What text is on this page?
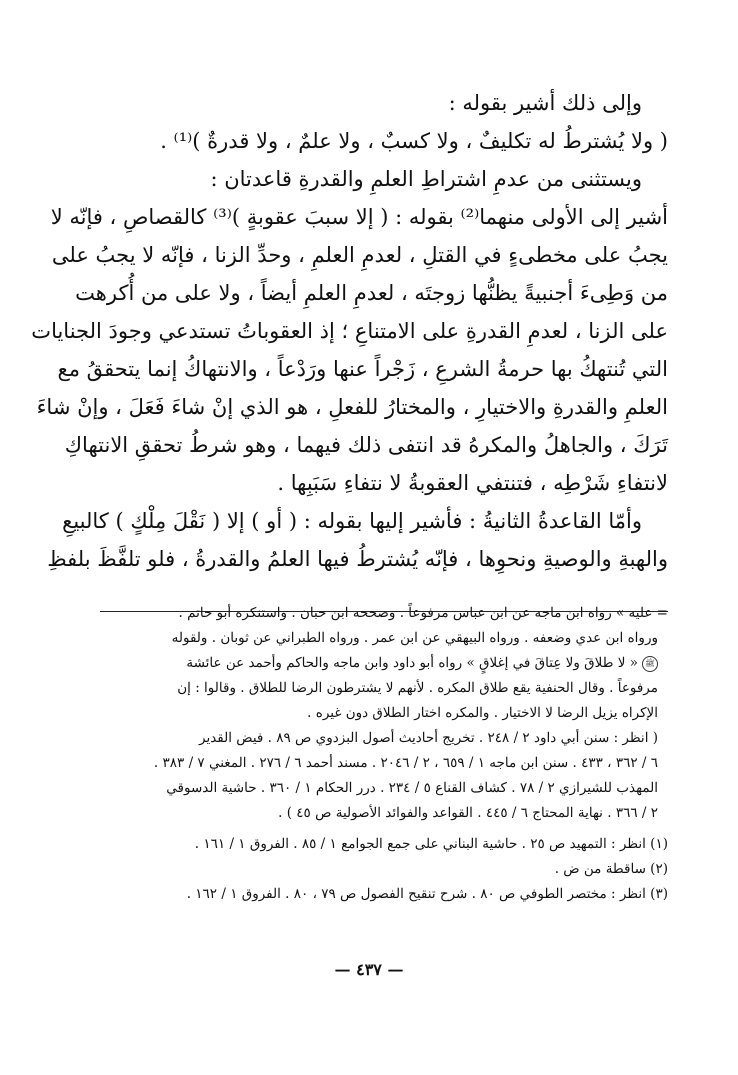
وإلى ذلك أشير بقوله :
( ولا يُشترطُ له تكليفٌ ، ولا كسبٌ ، ولا علمٌ ، ولا قدرةٌ )⁽¹⁾ .
ويستثنى من عدمِ اشتراطِ العلمِ والقدرةِ قاعدتان :
أشير إلى الأولى منهما⁽²⁾ بقوله : ( إلا سببَ عقوبةٍ )⁽³⁾ كالقصاصِ ، فإنّه لا
يجبُ على مخطىءٍ في القتلِ ، لعدمِ العلمِ ، وحدِّ الزنا ، فإنّه لا يجبُ على
من وَطِىءَ أجنبيةً يظنُّها زوجتَه ، لعدمِ العلمِ أيضاً ، ولا على من أُكرهت
على الزنا ، لعدمِ القدرةِ على الامتناعِ ؛ إذ العقوباتُ تستدعي وجودَ الجنايات
التي تُنتهكُ بها حرمةُ الشرعِ ، زَجْراً عنها ورَدْعاً ، والانتهاكُ إنما يتحققُ مع
العلمِ والقدرةِ والاختيارِ ، والمختارُ للفعلِ ، هو الذي إنْ شاءَ فَعَلَ ، وإنْ شاءَ
تَرَكَ ، والجاهلُ والمكرهُ قد انتفى ذلك فيهما ، وهو شرطُ تحققِ الانتهاكِ
لانتفاءِ شَرْطِه ، فتنتفي العقوبةُ لا نتفاءِ سَبَبِها .
وأمّا القاعدةُ الثانيةُ : فأشير إليها بقوله : ( أو ) إلا ( نَقْلَ مِلْكٍ ) كالبيعِ
والهبةِ والوصيةِ ونحوِها ، فإنّه يُشترطُ فيها العلمُ والقدرةُ ، فلو تلفَّظَ بلفظِ
= عليه » رواه ابن ماجه عن ابن عباس مرفوعاً . وصححه ابن حبان . واستنكره أبو حاتم .
ورواه ابن عدي وضعفه . ورواه البيهقي عن ابن عمر . ورواه الطبراني عن ثوبان . ولقوله
ﷺ« لا طلاقَ ولا عِتاقَ في إغلاقٍ » رواه أبو داود وابن ماجه والحاكم وأحمد عن عائشة
مرفوعاً . وقال الحنفية يقع طلاق المكره . لأنهم لا يشترطون الرضا للطلاق . وقالوا : إن
الإكراه يزيل الرضا لا الاختيار . والمكره اختار الطلاق دون غيره .
( انظر : سنن أبي داود ٢ / ٢٤٨ . تخريج أحاديث أصول البزدوي ص ٨٩ . فيض القدير
٦ / ٣٦٢ ، ٤٣٣ . سنن ابن ماجه ١ / ٦٥٩ ، ٢ / ٢٠٤٦ . مسند أحمد ٦ / ٢٧٦ . المغني ٧ / ٣٨٣ .
المهذب للشيرازي ٢ / ٧٨ . كشاف القناع ٥ / ٢٣٤ . درر الحكام ١ / ٣٦٠ . حاشية الدسوقي
٢ / ٣٦٦ . نهاية المحتاج ٦ / ٤٤٥ . القواعد والفوائد الأصولية ص ٤٥ ) .
(١) انظر : التمهيد ص ٢٥ . حاشية البناني على جمع الجوامع ١ / ٨٥ . الفروق ١ / ١٦١ .
(٢) ساقطة من ض .
(٣) انظر : مختصر الطوفي ص ٨٠ . شرح تنقيح الفصول ص ٧٩ ، ٨٠ . الفروق ١ / ١٦٢ .
— ٤٣٧ —
